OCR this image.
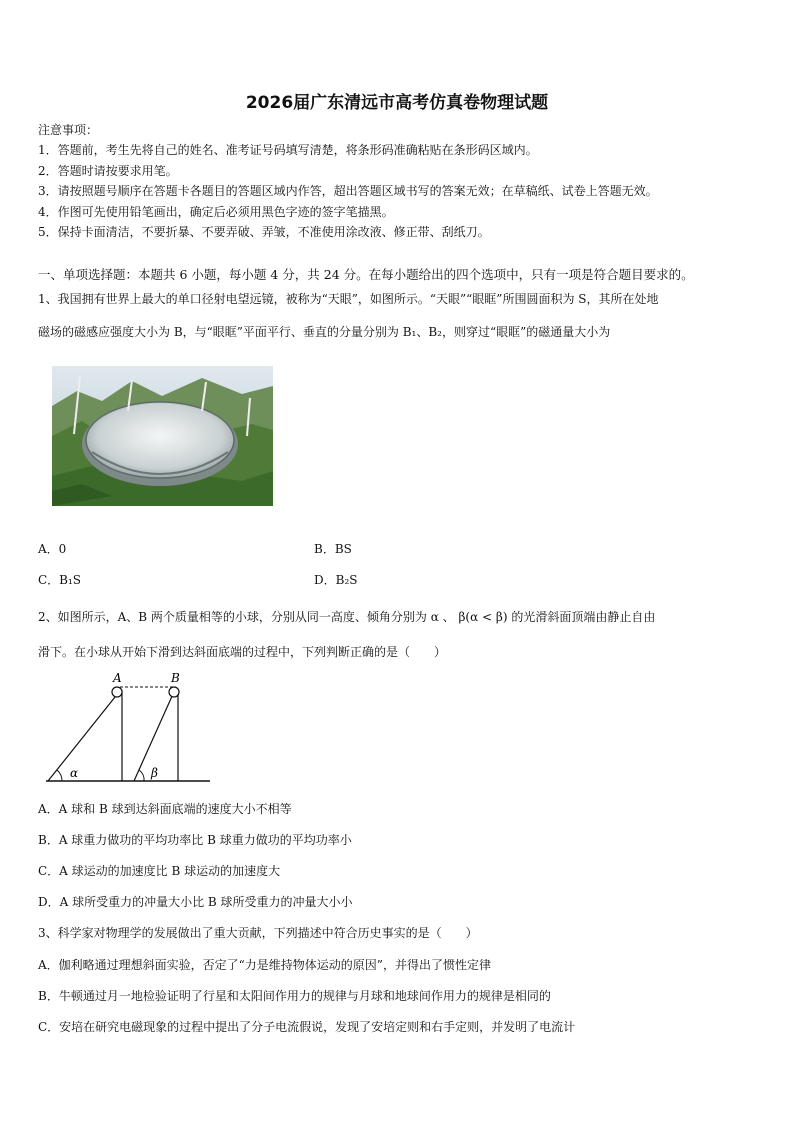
2026届广东清远市高考仿真卷物理试题
注意事项：
1．答题前，考生先将自己的姓名、准考证号码填写清楚，将条形码准确粘贴在条形码区域内。
2．答题时请按要求用笔。
3．请按照题号顺序在答题卡各题目的答题区域内作答，超出答题区域书写的答案无效；在草稿纸、试卷上答题无效。
4．作图可先使用铅笔画出，确定后必须用黑色字迹的签字笔描黑。
5．保持卡面清洁，不要折暴、不要弄破、弄皱，不准使用涂改液、修正带、刮纸刀。
一、单项选择题：本题共 6 小题，每小题 4 分，共 24 分。在每小题给出的四个选项中，只有一项是符合题目要求的。
1、我国拥有世界上最大的单口径射电望远镜，被称为“天眼”，如图所示。“天眼”“眼眶”所围圆面积为 S，其所在处地
磁场的磁感应强度大小为 B，与“眼眶”平面平行、垂直的分量分别为 B₁、B₂，则穿过“眼眶”的磁通量大小为
A．0	B．BS
C．B₁S	D．B₂S
2、如图所示，A、B 两个质量相等的小球，分别从同一高度、倾角分别为 α 、 β(α < β) 的光滑斜面顶端由静止自由
滑下。在小球从开始下滑到达斜面底端的过程中，下列判断正确的是（　　）
A	B
α	β
A．A 球和 B 球到达斜面底端的速度大小不相等
B．A 球重力做功的平均功率比 B 球重力做功的平均功率小
C．A 球运动的加速度比 B 球运动的加速度大
D．A 球所受重力的冲量大小比 B 球所受重力的冲量大小小
3、科学家对物理学的发展做出了重大贡献，下列描述中符合历史事实的是（　　）
A．伽利略通过理想斜面实验，否定了“力是维持物体运动的原因”，并得出了惯性定律
B．牛顿通过月一地检验证明了行星和太阳间作用力的规律与月球和地球间作用力的规律是相同的
C．安培在研究电磁现象的过程中提出了分子电流假说，发现了安培定则和右手定则，并发明了电流计
